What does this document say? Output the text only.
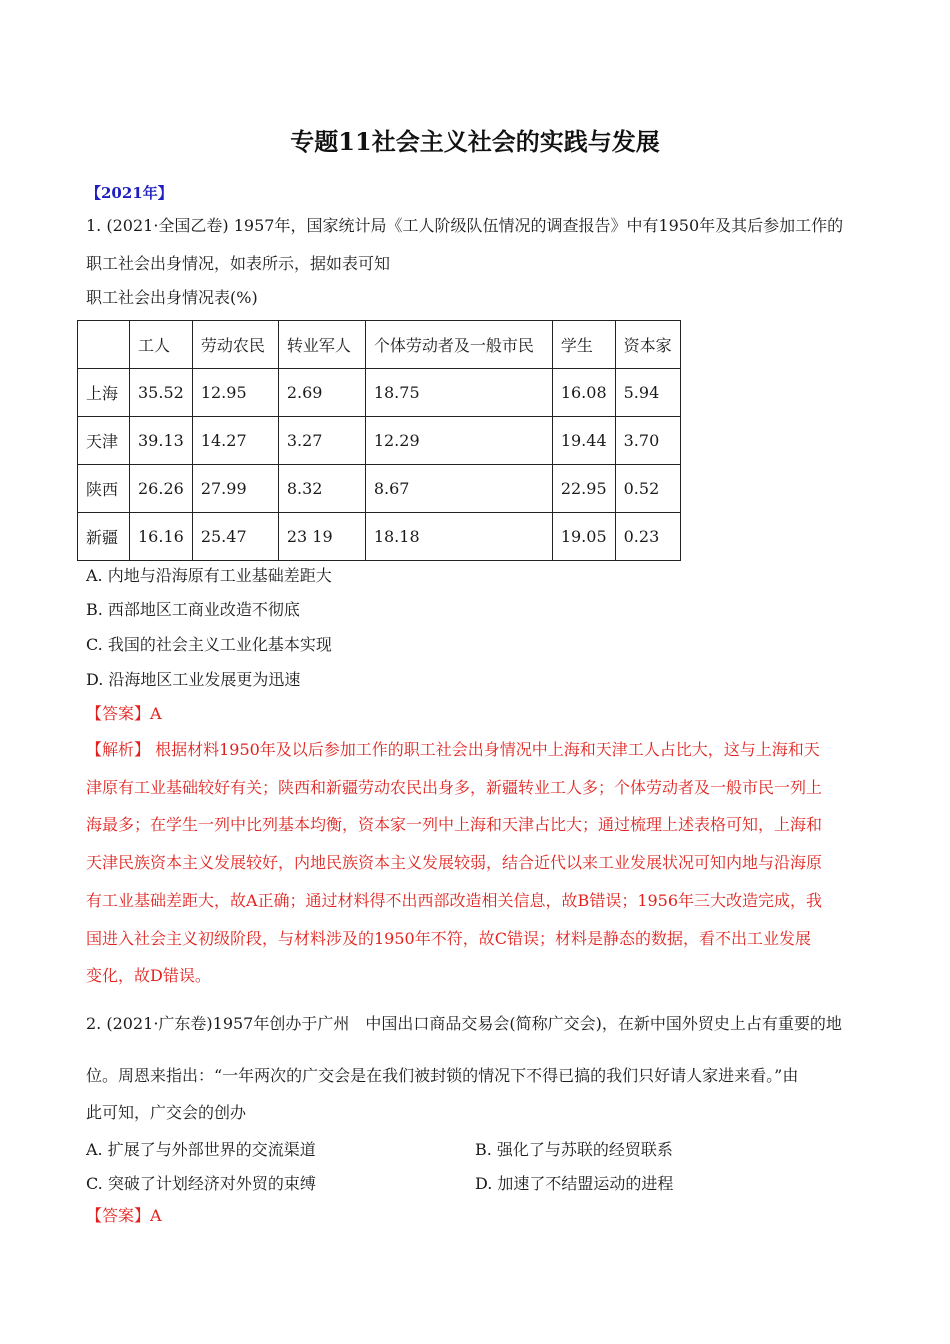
专题11社会主义社会的实践与发展
【2021年】
1. (2021·全国乙卷) 1957年，国家统计局《工人阶级队伍情况的调查报告》中有1950年及其后参加工作的
职工社会出身情况，如表所示，据如表可知
职工社会出身情况表(%)
	工人	劳动农民	转业军人	个体劳动者及一般市民	学生	资本家
上海	35.52	12.95	2.69	18.75	16.08	5.94
天津	39.13	14.27	3.27	12.29	19.44	3.70
陕西	26.26	27.99	8.32	8.67	22.95	0.52
新疆	16.16	25.47	23 19	18.18	19.05	0.23
A. 内地与沿海原有工业基础差距大
B. 西部地区工商业改造不彻底
C. 我国的社会主义工业化基本实现
D. 沿海地区工业发展更为迅速
【答案】A
【解析】 根据材料1950年及以后参加工作的职工社会出身情况中上海和天津工人占比大，这与上海和天
津原有工业基础较好有关；陕西和新疆劳动农民出身多，新疆转业工人多；个体劳动者及一般市民一列上
海最多；在学生一列中比列基本均衡，资本家一列中上海和天津占比大；通过梳理上述表格可知，上海和
天津民族资本主义发展较好，内地民族资本主义发展较弱，结合近代以来工业发展状况可知内地与沿海原
有工业基础差距大，故A正确；通过材料得不出西部改造相关信息，故B错误；1956年三大改造完成，我
国进入社会主义初级阶段，与材料涉及的1950年不符，故C错误；材料是静态的数据，看不出工业发展
变化，故D错误。
2. (2021·广东卷)1957年创办于广州　中国出口商品交易会(简称广交会)，在新中国外贸史上占有重要的地
位。周恩来指出：“一年两次的广交会是在我们被封锁的情况下不得已搞的我们只好请人家进来看。”由
此可知，广交会的创办
A. 扩展了与外部世界的交流渠道	B. 强化了与苏联的经贸联系
C. 突破了计划经济对外贸的束缚	D. 加速了不结盟运动的进程
【答案】A
